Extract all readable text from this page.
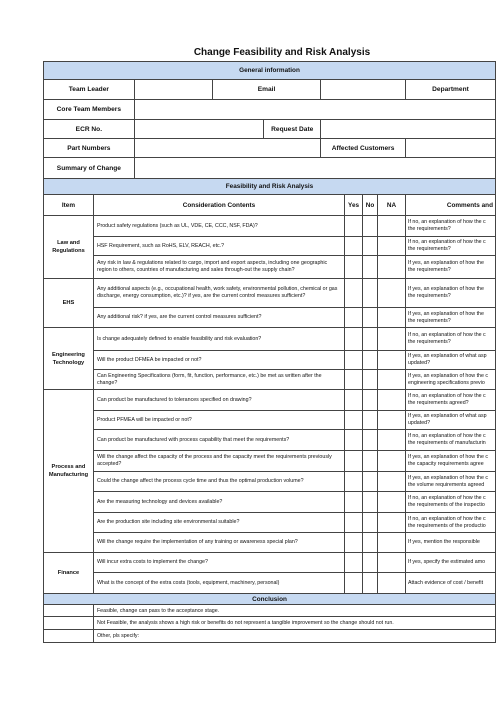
Change Feasibility and Risk Analysis
General information									
Team Leader			Email						Department
Core Team Members									
ECR No.				Request Date					
Part Numbers					Affected Customers				
Summary of Change									
Feasibility and Risk Analysis									
Item	Consideration Contents					Yes	No	NA	Comments and
Law and Regulations	Product safety regulations (such as UL, VDE, CE, CCC, NSF, FDA)?								If no, an explanation of how the c
the requirements?

	HSF Requirement, such as RoHS, ELV, REACH, etc.?								If no, an explanation of how the c
the requirements?

	Any risk in law & regulations related to cargo, import and export aspects, including one geographic region to others, countries of manufacturing and sales through-out the supply chain?								If yes, an explanation of how the
the requirements?

EHS	Any additional aspects (e.g., occupational health, work safety, environmental pollution, chemical or gas discharge, energy consumption, etc.)? if yes, are the current control measures sufficient?								If yes, an explanation of how the
the requirements?

	Any additional risk? if yes, are the current control measures sufficient?								If yes, an explanation of how the
the requirements?

Engineering Technology	Is change adequately defined to enable feasibility and risk evaluation?								If no, an explanation of how the c
the requirements?

	Will the product DFMEA be impacted or not?								If yes, an explanation of what asp
updated?

	Can Engineering Specifications (form, fit, function, performance, etc.) be met as written after the change?								If yes, an explanation of how the c
engineering specifications previo

Process and Manufacturing	Can product be manufactured to tolerances specified on drawing?								If no, an explanation of how the c
the requirements agreed?

	Product PFMEA will be impacted or not?								If yes, an explanation of what asp
updated?

	Can product be manufactured with process capability that meet the requirements?								If no, an explanation of how the c
the requirements of manufacturin

	Will the change affect the capacity of the process and the capacity meet the requirements previously accepted?								If yes, an explanation of how the c
the capacity requirements agree

	Could the change affect the process cycle time and thus the optimal production volume?								If yes, an explanation of how the c
the volume requirements agreed

	Are the measuring technology and devices available?								If no, an explanation of how the c
the requirements of the inspectio

	Are the production site including site environmental suitable?								If no, an explanation of how the c
the requirements of the productio

	Will the change require the implementation of any training or awareness special plan?								If yes, mention the responsible

Finance	Will incur extra costs to implement the change?								If yes, specify the estimated amo

	What is the concept of the extra costs (tools, equipment, machinery, personal)								Attach evidence of cost / benefit

Conclusion									
	Feasible, change can pass to the acceptance stage.								
	Not Feasible, the analysis shows a high risk or benefits do not represent a tangible improvement so the change should not run.								
	Other, pls specify:								
